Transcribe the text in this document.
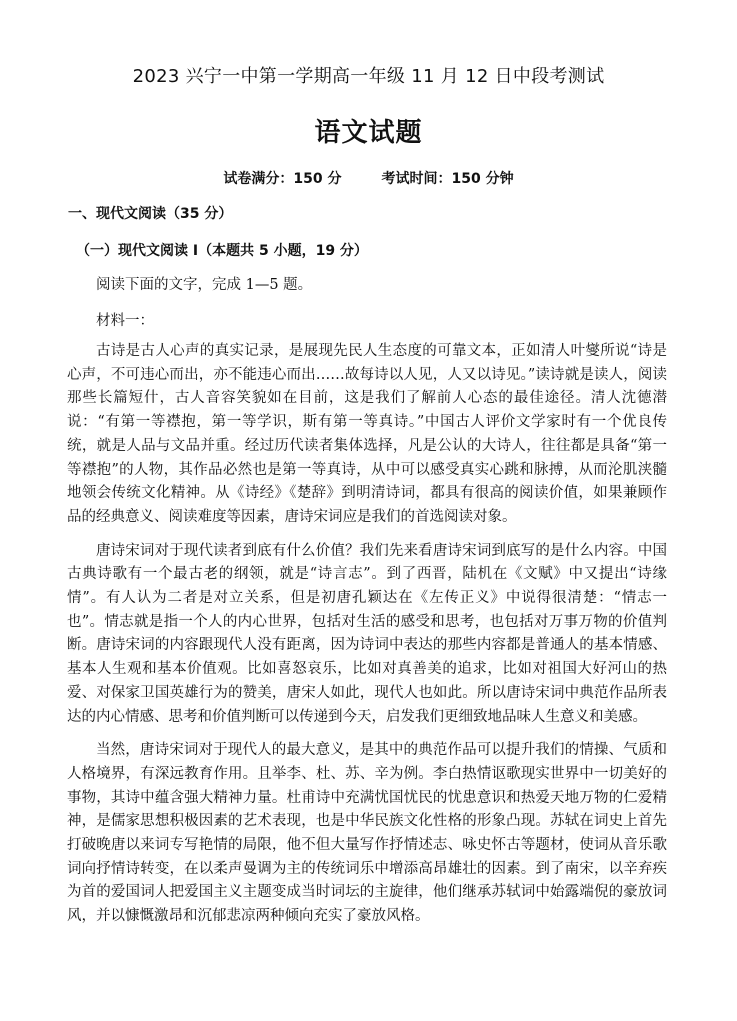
2023 兴宁一中第一学期高一年级 11 月 12 日中段考测试
语文试题
试卷满分：150 分	考试时间：150 分钟
一、现代文阅读（35 分）
（一）现代文阅读 I（本题共 5 小题，19 分）
阅读下面的文字，完成 1—5 题。
材料一：

古诗是古人心声的真实记录，是展现先民人生态度的可靠文本，正如清人叶燮所说“诗是心声，不可违心而出，亦不能违心而出……故每诗以人见，人又以诗见。”读诗就是读人，阅读那些长篇短什，古人音容笑貌如在目前，这是我们了解前人心态的最佳途径。清人沈德潜说：“有第一等襟抱，第一等学识，斯有第一等真诗。”中国古人评价文学家时有一个优良传统，就是人品与文品并重。经过历代读者集体选择，凡是公认的大诗人，往往都是具备“第一等襟抱”的人物，其作品必然也是第一等真诗，从中可以感受真实心跳和脉搏，从而沦肌浃髓地领会传统文化精神。从《诗经》《楚辞》到明清诗词，都具有很高的阅读价值，如果兼顾作品的经典意义、阅读难度等因素，唐诗宋词应是我们的首选阅读对象。

唐诗宋词对于现代读者到底有什么价值？我们先来看唐诗宋词到底写的是什么内容。中国古典诗歌有一个最古老的纲领，就是“诗言志”。到了西晋，陆机在《文赋》中又提出“诗缘情”。有人认为二者是对立关系，但是初唐孔颖达在《左传正义》中说得很清楚：“情志一也”。情志就是指一个人的内心世界，包括对生活的感受和思考，也包括对万事万物的价值判断。唐诗宋词的内容跟现代人没有距离，因为诗词中表达的那些内容都是普通人的基本情感、基本人生观和基本价值观。比如喜怒哀乐，比如对真善美的追求，比如对祖国大好河山的热爱、对保家卫国英雄行为的赞美，唐宋人如此，现代人也如此。所以唐诗宋词中典范作品所表达的内心情感、思考和价值判断可以传递到今天，启发我们更细致地品味人生意义和美感。

当然，唐诗宋词对于现代人的最大意义，是其中的典范作品可以提升我们的情操、气质和人格境界，有深远教育作用。且举李、杜、苏、辛为例。李白热情讴歌现实世界中一切美好的事物，其诗中蕴含强大精神力量。杜甫诗中充满忧国忧民的忧患意识和热爱天地万物的仁爱精神，是儒家思想积极因素的艺术表现，也是中华民族文化性格的形象凸现。苏轼在词史上首先打破晚唐以来词专写艳情的局限，他不但大量写作抒情述志、咏史怀古等题材，使词从音乐歌词向抒情诗转变，在以柔声曼调为主的传统词乐中增添高昂雄壮的因素。到了南宋，以辛弃疾为首的爱国词人把爱国主义主题变成当时词坛的主旋律，他们继承苏轼词中始露端倪的豪放词风，并以慷慨激昂和沉郁悲凉两种倾向充实了豪放风格。
